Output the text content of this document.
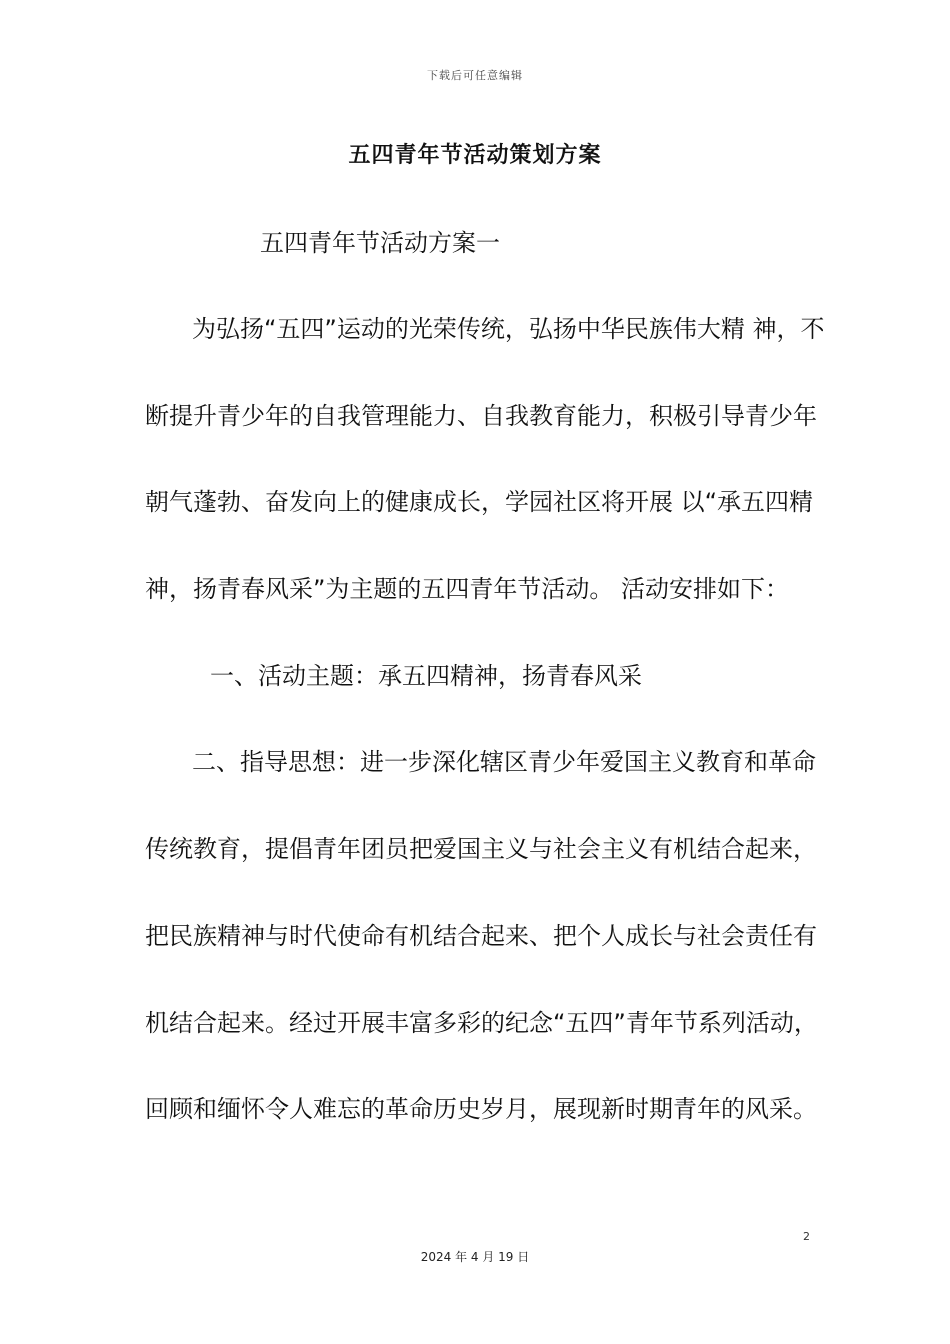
下载后可任意编辑
五四青年节活动策划方案
五四青年节活动方案一
为弘扬“五四”运动的光荣传统，弘扬中华民族伟大精 神，不
断提升青少年的自我管理能力、自我教育能力，积极引导青少年
朝气蓬勃、奋发向上的健康成长，学园社区将开展 以“承五四精
神，扬青春风采”为主题的五四青年节活动。 活动安排如下：
一、活动主题：承五四精神，扬青春风采
二、指导思想：进一步深化辖区青少年爱国主义教育和革命
传统教育，提倡青年团员把爱国主义与社会主义有机结合起来，
把民族精神与时代使命有机结合起来、把个人成长与社会责任有
机结合起来。经过开展丰富多彩的纪念“五四”青年节系列活动，
回顾和缅怀令人难忘的革命历史岁月，展现新时期青年的风采。
2
2024 年 4 月 19 日
